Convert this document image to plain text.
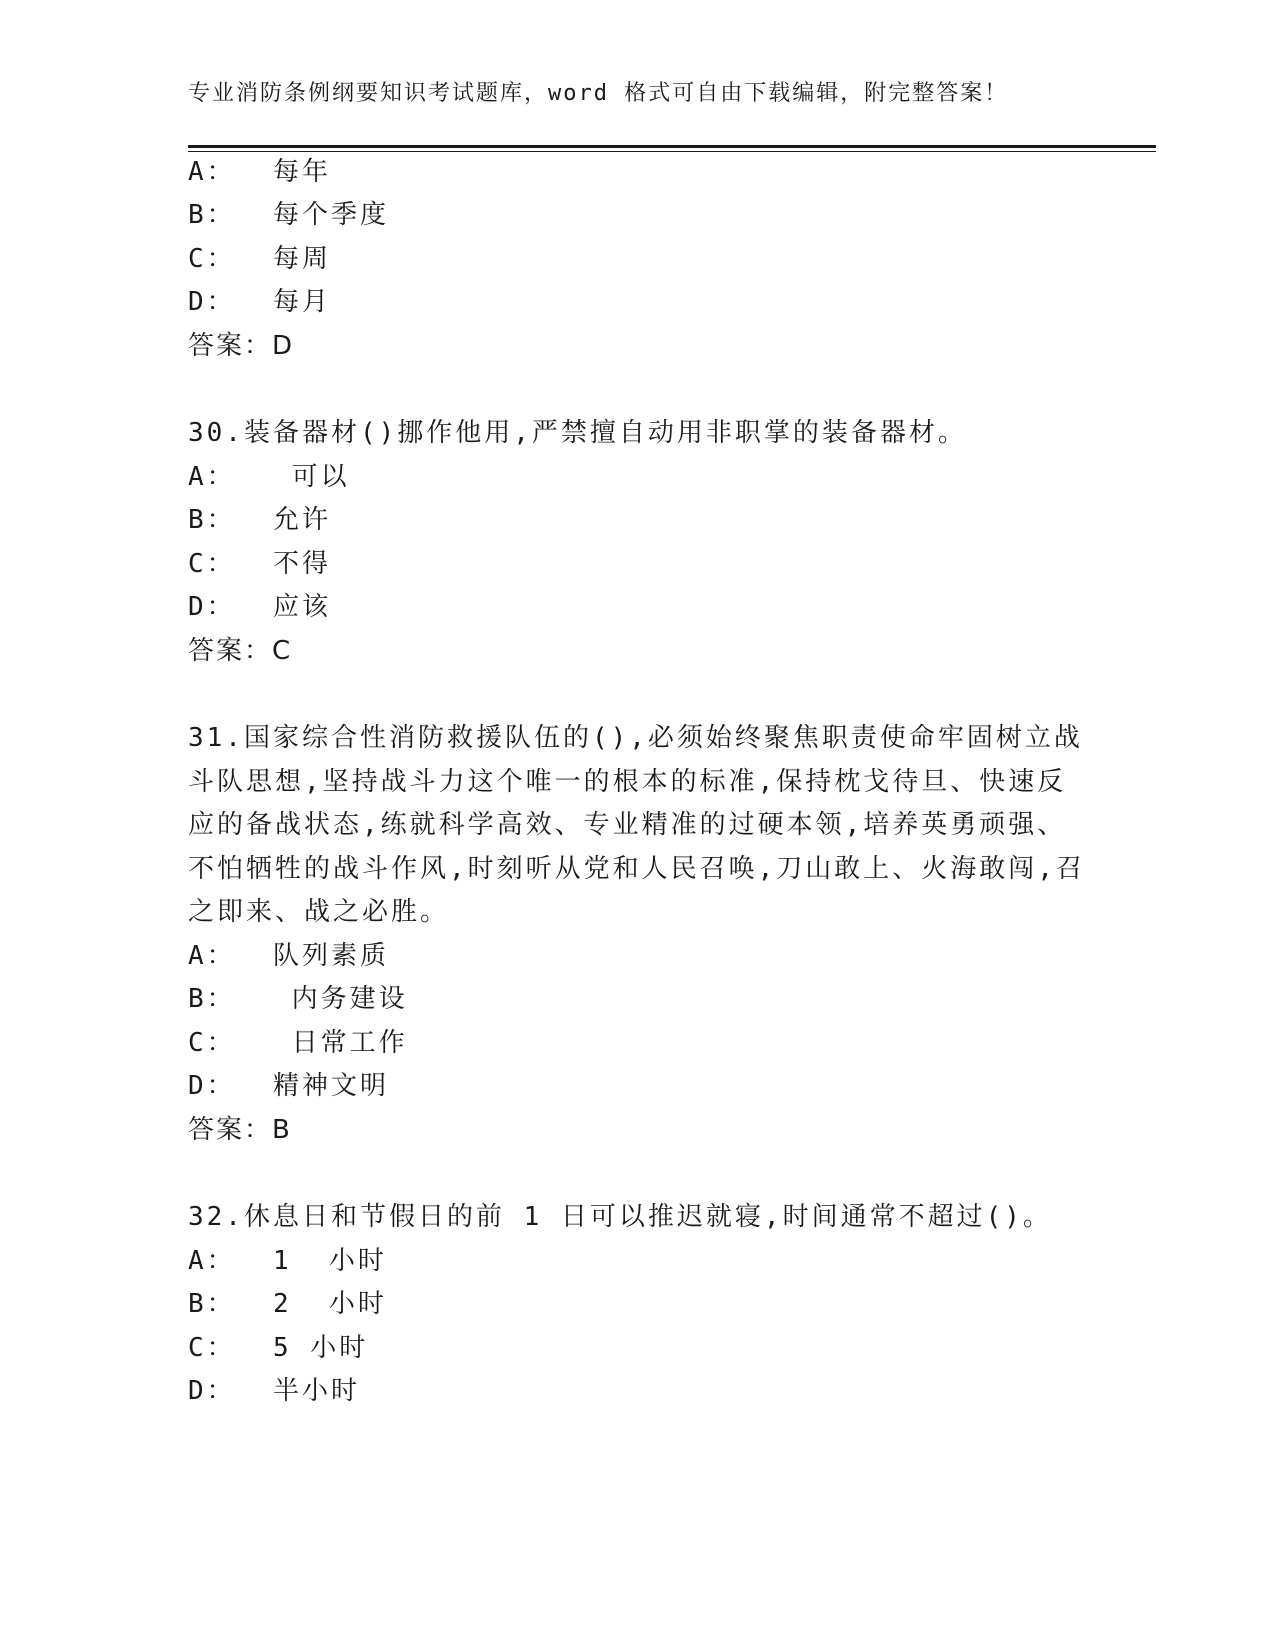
专业消防条例纲要知识考试题库，word 格式可自由下载编辑，附完整答案！
A：  每年
B：  每个季度
C：  每周
D：  每月
答案：D
30.装备器材()挪作他用,严禁擅自动用非职掌的装备器材。
A：   可以
B：  允许
C：  不得
D：  应该
答案：C
31.国家综合性消防救援队伍的(),必须始终聚焦职责使命牢固树立战
斗队思想,坚持战斗力这个唯一的根本的标准,保持枕戈待旦、快速反
应的备战状态,练就科学高效、专业精准的过硬本领,培养英勇顽强、
不怕牺牲的战斗作风,时刻听从党和人民召唤,刀山敢上、火海敢闯,召
之即来、战之必胜。
A：  队列素质
B：   内务建设
C：   日常工作
D：  精神文明
答案：B
32.休息日和节假日的前 1 日可以推迟就寝,时间通常不超过()。
A：  1  小时
B：  2  小时
C：  5 小时
D：  半小时
